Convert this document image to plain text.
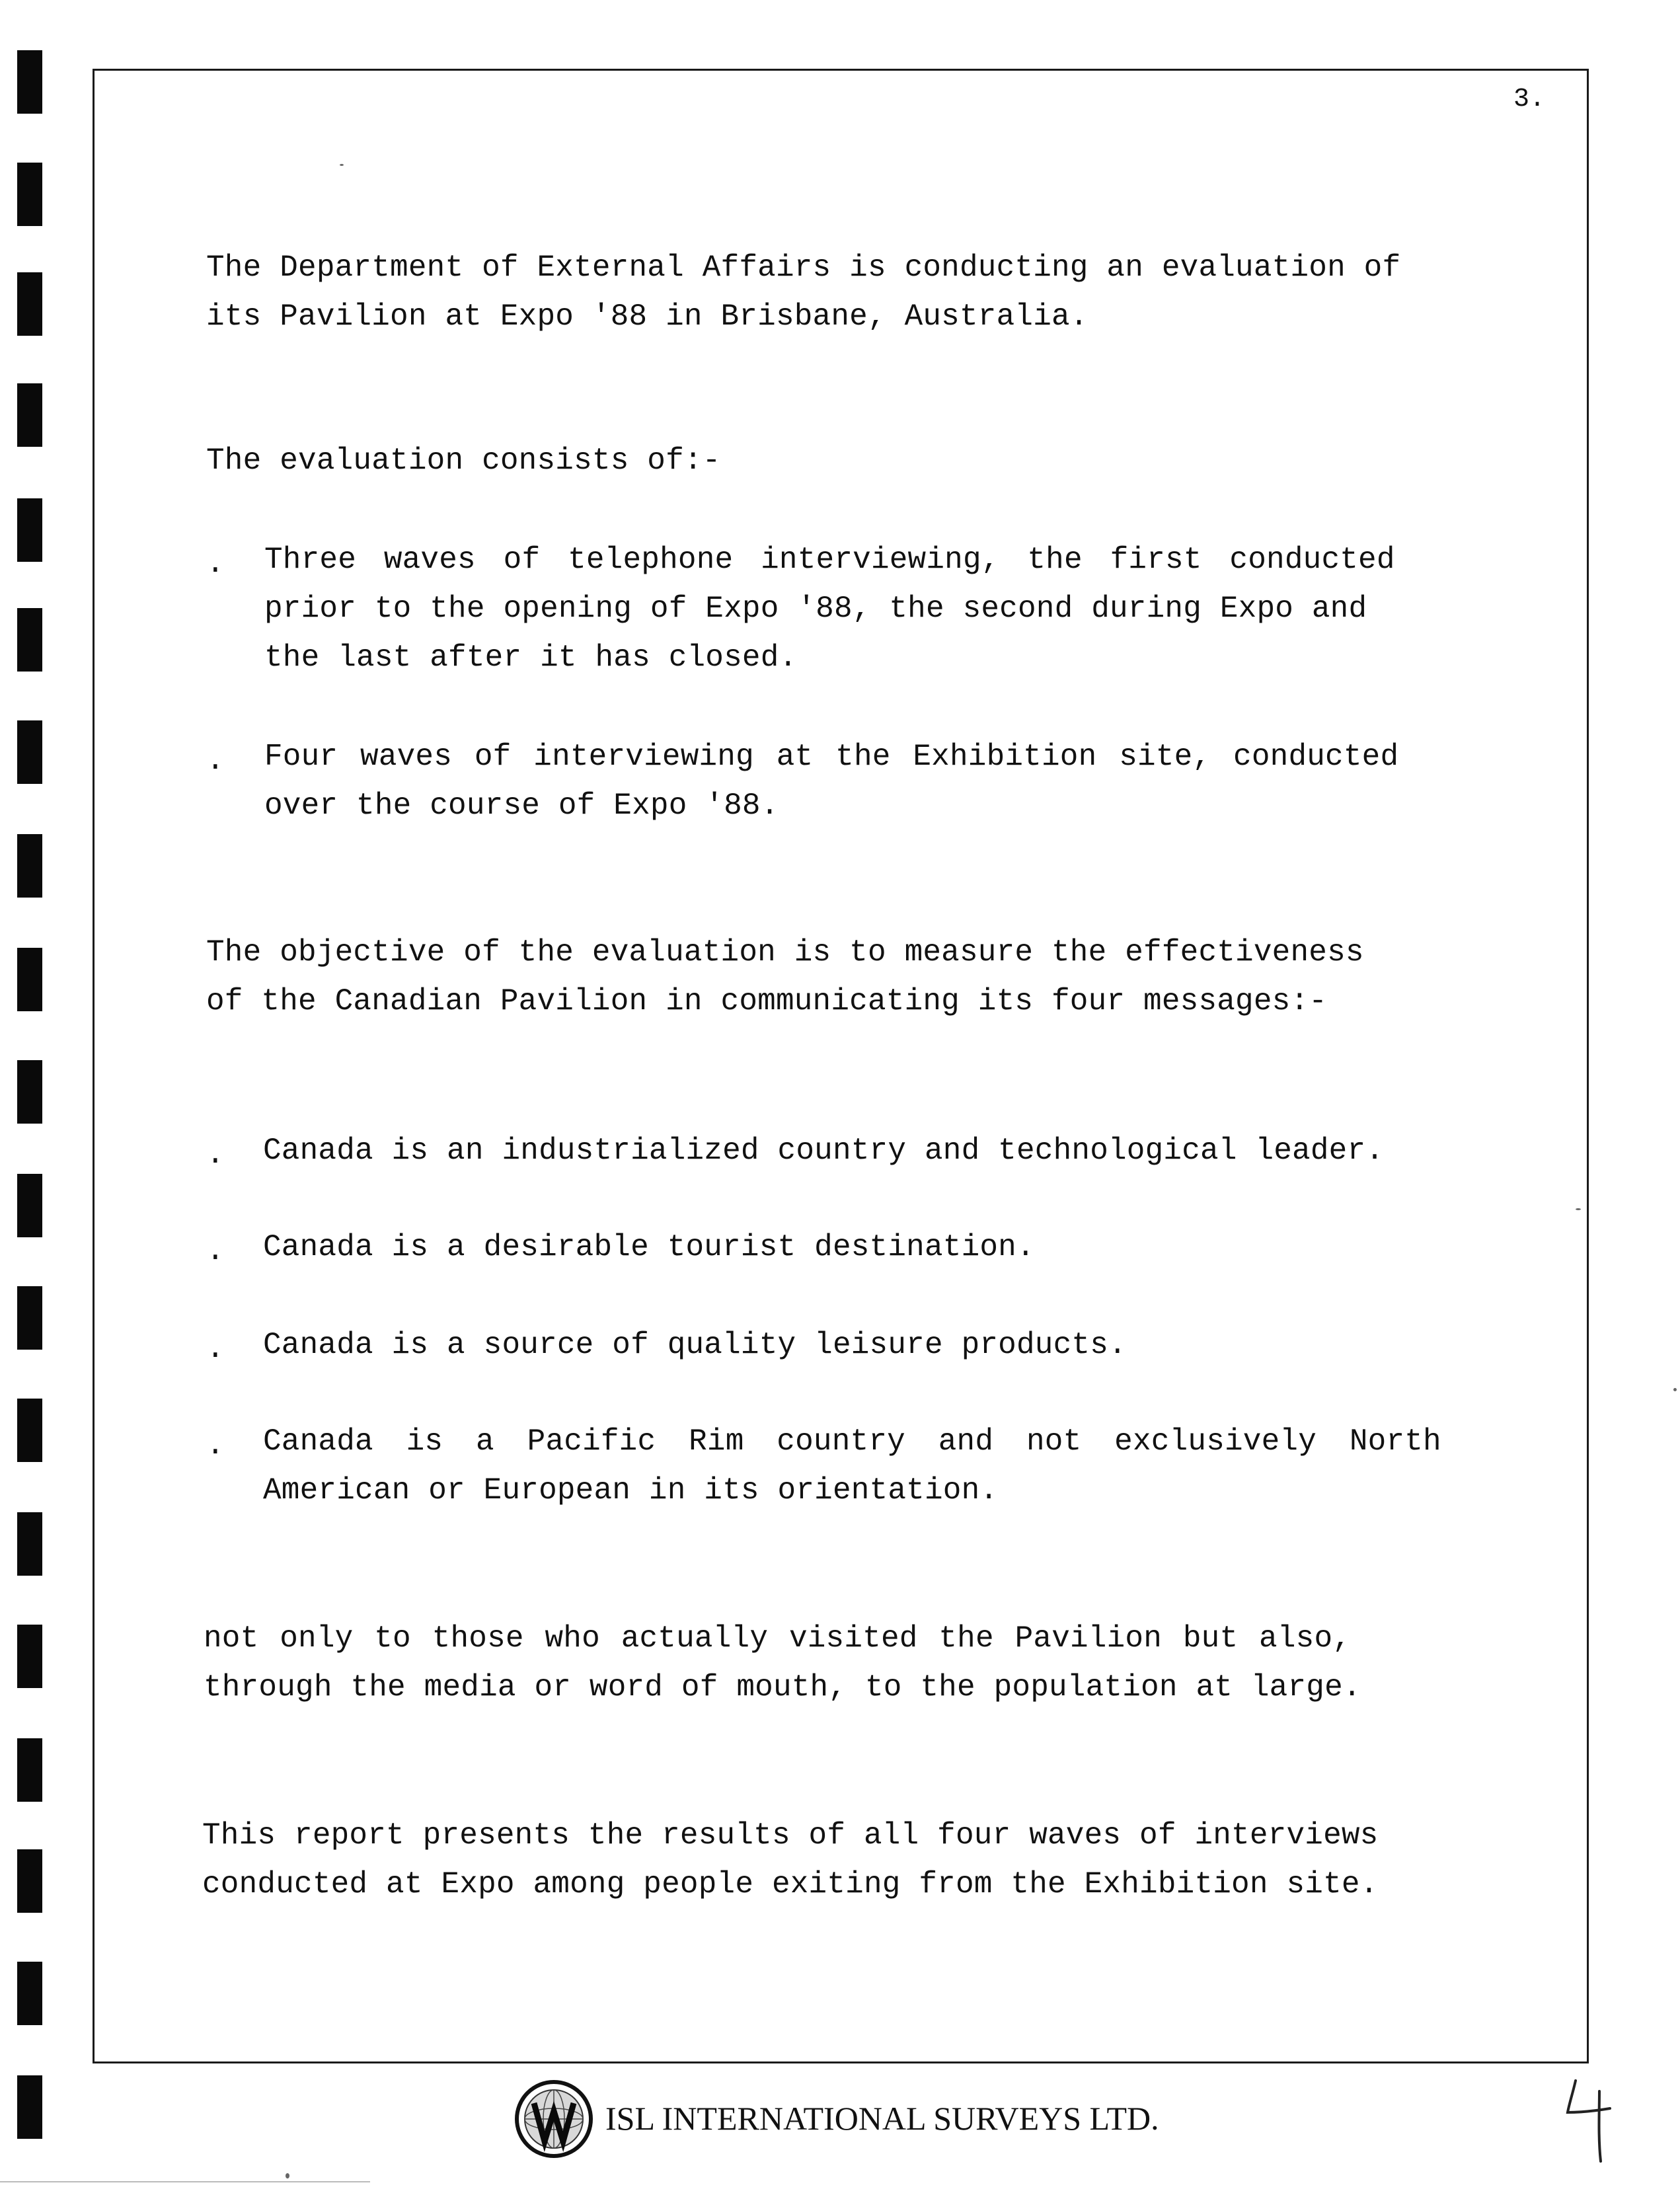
3.
The Department of External Affairs is conducting an evaluation of
its Pavilion at Expo '88 in Brisbane, Australia.
The evaluation consists of:-
. Three waves of telephone interviewing, the first conducted
prior to the opening of Expo '88, the second during Expo and
the last after it has closed.
. Four waves of interviewing at the Exhibition site, conducted
over the course of Expo '88.
The objective of the evaluation is to measure the effectiveness
of the Canadian Pavilion in communicating its four messages:-
. Canada is an industrialized country and technological leader.
. Canada is a desirable tourist destination.
. Canada is a source of quality leisure products.
. Canada is a Pacific Rim country and not exclusively North
American or European in its orientation.
not only to those who actually visited the Pavilion but also,
through the media or word of mouth, to the population at large.
This report presents the results of all four waves of interviews
conducted at Expo among people exiting from the Exhibition site.
ISL INTERNATIONAL SURVEYS LTD.
